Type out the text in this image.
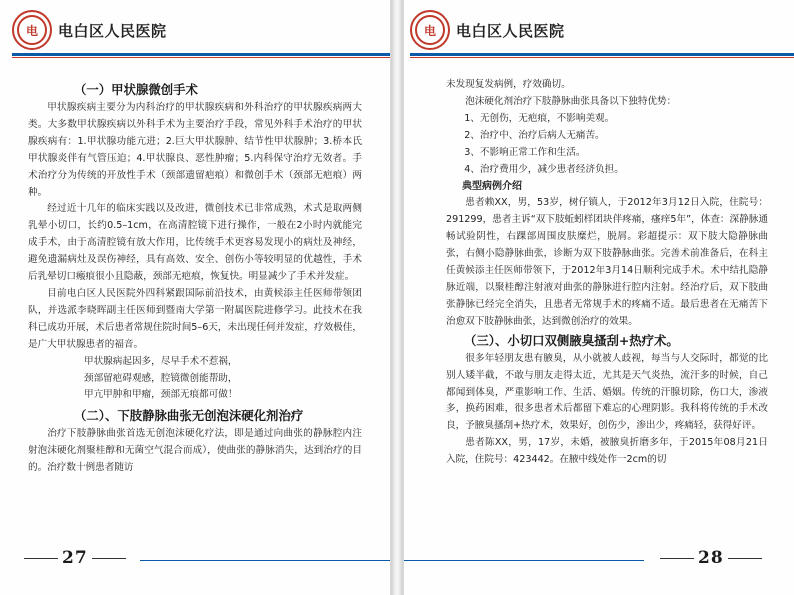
电 电白区人民医院
（一）甲状腺微创手术

甲状腺疾病主要分为内科治疗的甲状腺疾病和外科治疗的甲状腺疾病两大类。大多数甲状腺疾病以外科手术为主要治疗手段，常见外科手术治疗的甲状腺疾病有：1.甲状腺功能亢进；2.巨大甲状腺肿、结节性甲状腺肿；3.桥本氏甲状腺炎伴有气管压迫；4.甲状腺良、恶性肿瘤；5.内科保守治疗无效者。手术治疗分为传统的开放性手术（颈部遗留疤痕）和微创手术（颈部无疤痕）两种。

经过近十几年的临床实践以及改进，微创技术已非常成熟，术式是取两侧乳晕小切口，长约0.5–1cm，在高清腔镜下进行操作，一般在2小时内就能完成手术，由于高清腔镜有放大作用，比传统手术更容易发现小的病灶及神经，避免遗漏病灶及误伤神经，具有高效、安全、创伤小等较明显的优越性，手术后乳晕切口瘢痕很小且隐蔽，颈部无疤痕，恢复快。明显减少了手术并发症。

目前电白区人民医院外四科紧跟国际前沿技术，由黄候添主任医师带领团队，并选派李晓晖副主任医师到暨南大学第一附属医院进修学习。此技术在我科已成功开展，术后患者常规住院时间5–6天，未出现任何并发症，疗效极佳，是广大甲状腺患者的福音。

甲状腺病起因多，尽早手术不惹祸，

颈部留疤碍观感，腔镜微创能帮助，

甲亢甲肿和甲瘤，颈部无痕都可做！

（二）、下肢静脉曲张无创泡沫硬化剂治疗

治疗下肢静脉曲张首选无创泡沫硬化疗法，即是通过向曲张的静脉腔内注射泡沫硬化剂聚桂醇和无菌空气混合而成），使曲张的静脉消失，达到治疗的目的。治疗数十例患者随访

27
电 电白区人民医院

未发现复发病例，疗效确切。

泡沫硬化剂治疗下肢静脉曲张具备以下独特优势：

1、无创伤，无疤痕，不影响美观。

2、治疗中、治疗后病人无痛苦。

3、不影响正常工作和生活。

4、治疗费用少，减少患者经济负担。

典型病例介绍

患者赖XX，男，53岁，树仔镇人，于2012年3月12日入院，住院号：291299，患者主诉“双下肢蚯蚓样团块伴疼痛，瘙痒5年”，体查：深静脉通畅试验阴性，右踝部周围皮肤糜烂，脱屑。彩超提示：双下肢大隐静脉曲张，右侧小隐静脉曲张，诊断为双下肢静脉曲张。完善术前准备后，在科主任黄候添主任医师带领下，于2012年3月14日顺利完成手术。术中结扎隐静脉近端，以聚桂醇注射液对曲张的静脉进行腔内注射。经治疗后，双下肢曲张静脉已经完全消失，且患者无常规手术的疼痛不适。最后患者在无痛苦下治愈双下肢静脉曲张，达到微创治疗的效果。

（三）、小切口双侧腋臭搔刮+热疗术。

很多年轻朋友患有腋臭，从小就被人歧视，每当与人交际时，都觉的比别人矮半截，不敢与朋友走得太近，尤其是天气炎热，流汗多的时候，自己都闻到体臭，严重影响工作、生活、婚姻。传统的汗腺切除，伤口大，渗液多，换药困难，很多患者术后都留下难忘的心理阴影。我科将传统的手术改良，予腋臭搔刮+热疗术，效果好，创伤少，渗出少，疼痛轻，获得好评。

患者陈XX，男，17岁，未婚，被腋臭折磨多年，于2015年08月21日入院，住院号：423442。在腋中线处作一2cm的切

28
